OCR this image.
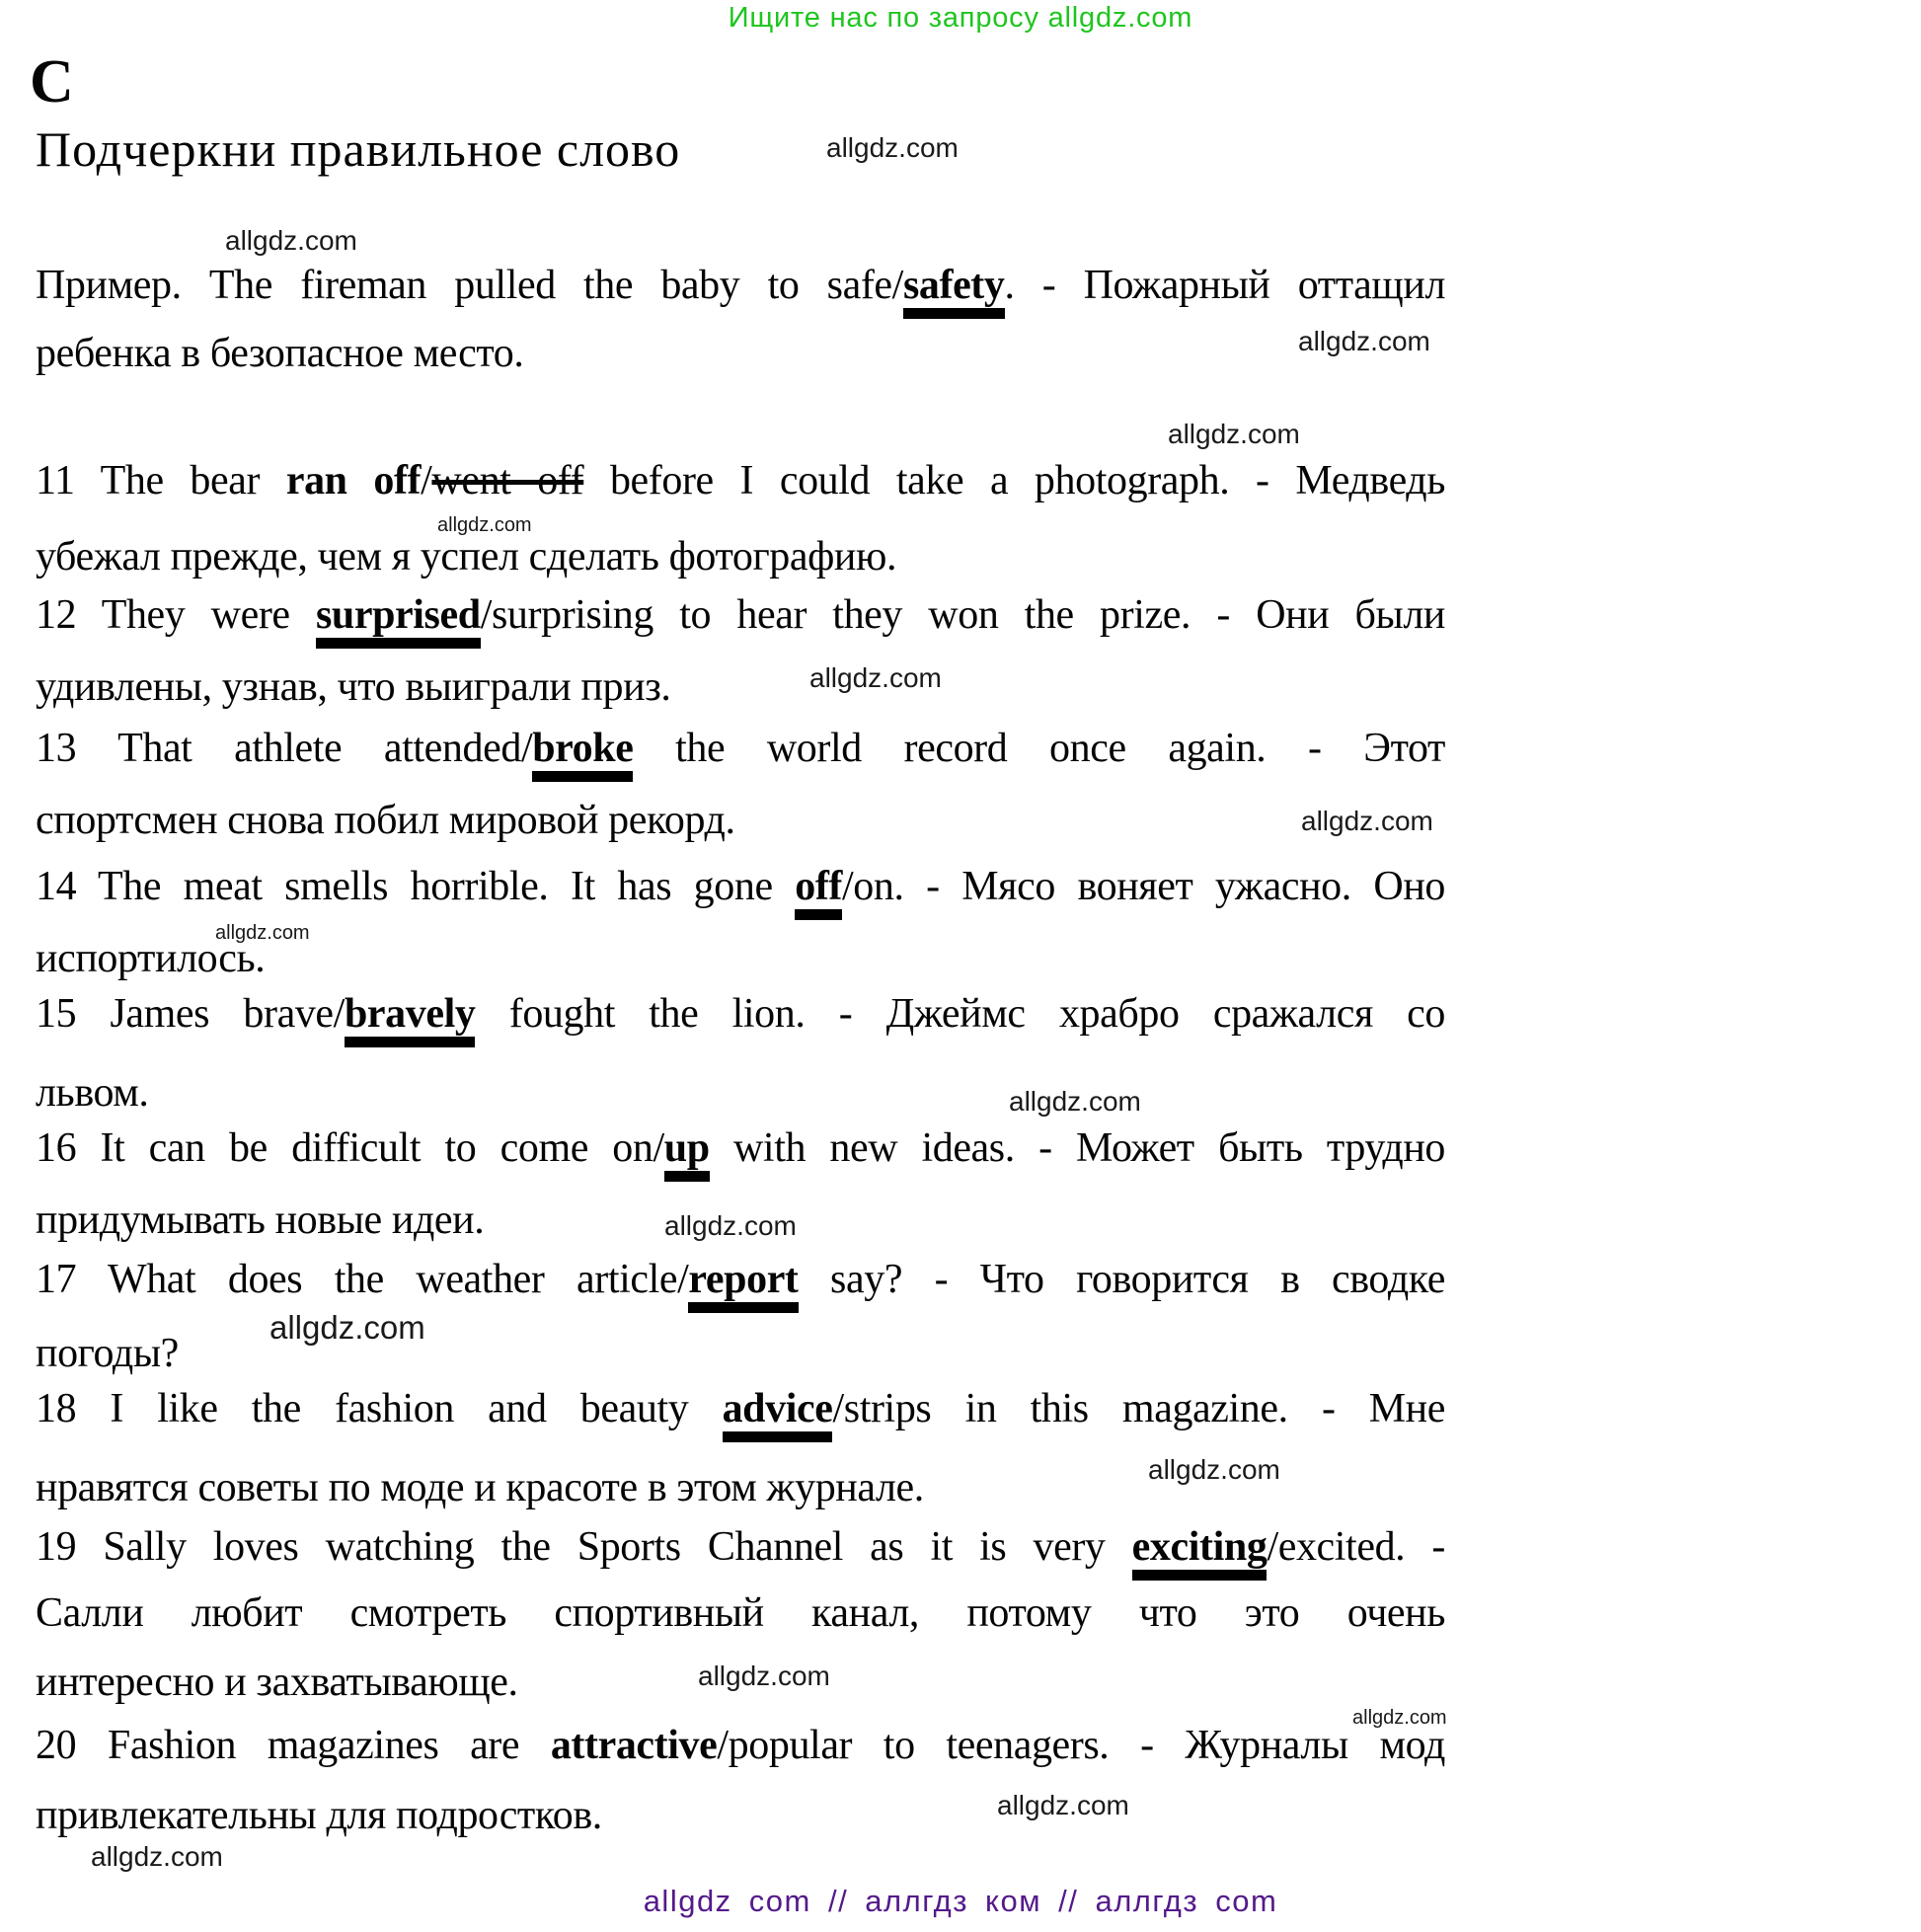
Ищите нас по запросу allgdz.com
C
Подчеркни правильное слово
Пример. The fireman pulled the baby to safe/safety. - Пожарный оттащил
ребенка в безопасное место.
11 The bear ran off/went off before I could take a photograph. - Медведь
убежал прежде, чем я успел сделать фотографию.
12 They were surprised/surprising to hear they won the prize. - Они были
удивлены, узнав, что выиграли приз.
13 That athlete attended/broke the world record once again. - Этот
спортсмен снова побил мировой рекорд.
14 The meat smells horrible. It has gone off/on. - Мясо воняет ужасно. Оно
испортилось.
15 James brave/bravely fought the lion. - Джеймс храбро сражался со
львом.
16 It can be difficult to come on/up with new ideas. - Может быть трудно
придумывать новые идеи.
17 What does the weather article/report say? - Что говорится в сводке
погоды?
18 I like the fashion and beauty advice/strips in this magazine. - Мне
нравятся советы по моде и красоте в этом журнале.
19 Sally loves watching the Sports Channel as it is very exciting/excited. -
Салли любит смотреть спортивный канал, потому что это очень
интересно и захватывающе.
20 Fashion magazines are attractive/popular to teenagers. - Журналы мод
привлекательны для подростков.
allgdz.com
allgdz.com
allgdz.com
allgdz.com
allgdz.com
allgdz.com
allgdz.com
allgdz.com
allgdz.com
allgdz.com
allgdz.com
allgdz.com
allgdz.com
allgdz.com
allgdz.com
allgdz.com
allgdz com // аллгдз ком // аллгдз com
